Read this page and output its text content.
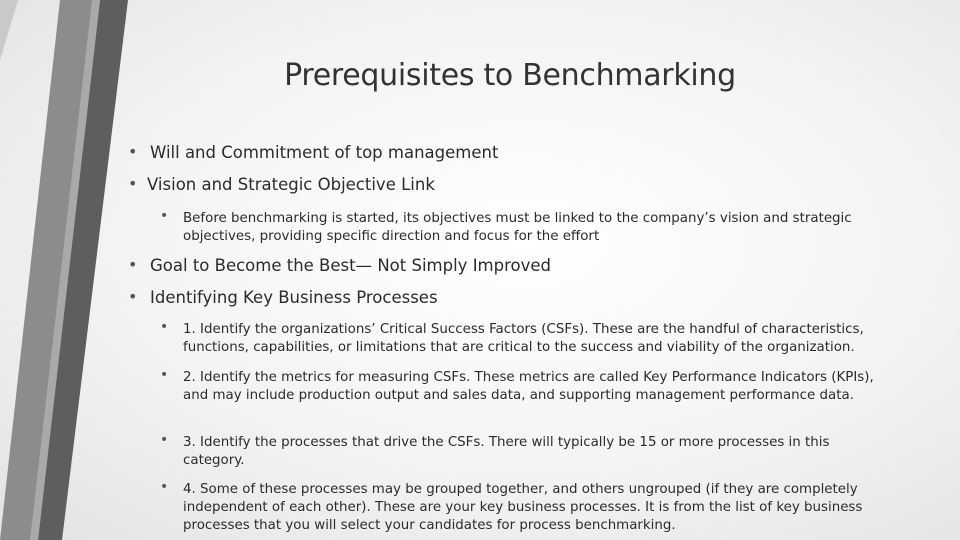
Prerequisites to Benchmarking
• Will and Commitment of top management
• Vision and Strategic Objective Link
• Before benchmarking is started, its objectives must be linked to the company’s vision and strategic objectives, providing specific direction and focus for the effort
• Goal to Become the Best— Not Simply Improved
• Identifying Key Business Processes
• 1. Identify the organizations’ Critical Success Factors (CSFs). These are the handful of characteristics, functions, capabilities, or limitations that are critical to the success and viability of the organization.
• 2. Identify the metrics for measuring CSFs. These metrics are called Key Performance Indicators (KPIs), and may include production output and sales data, and supporting management performance data.
• 3. Identify the processes that drive the CSFs. There will typically be 15 or more processes in this category.
• 4. Some of these processes may be grouped together, and others ungrouped (if they are completely independent of each other). These are your key business processes. It is from the list of key business processes that you will select your candidates for process benchmarking.
